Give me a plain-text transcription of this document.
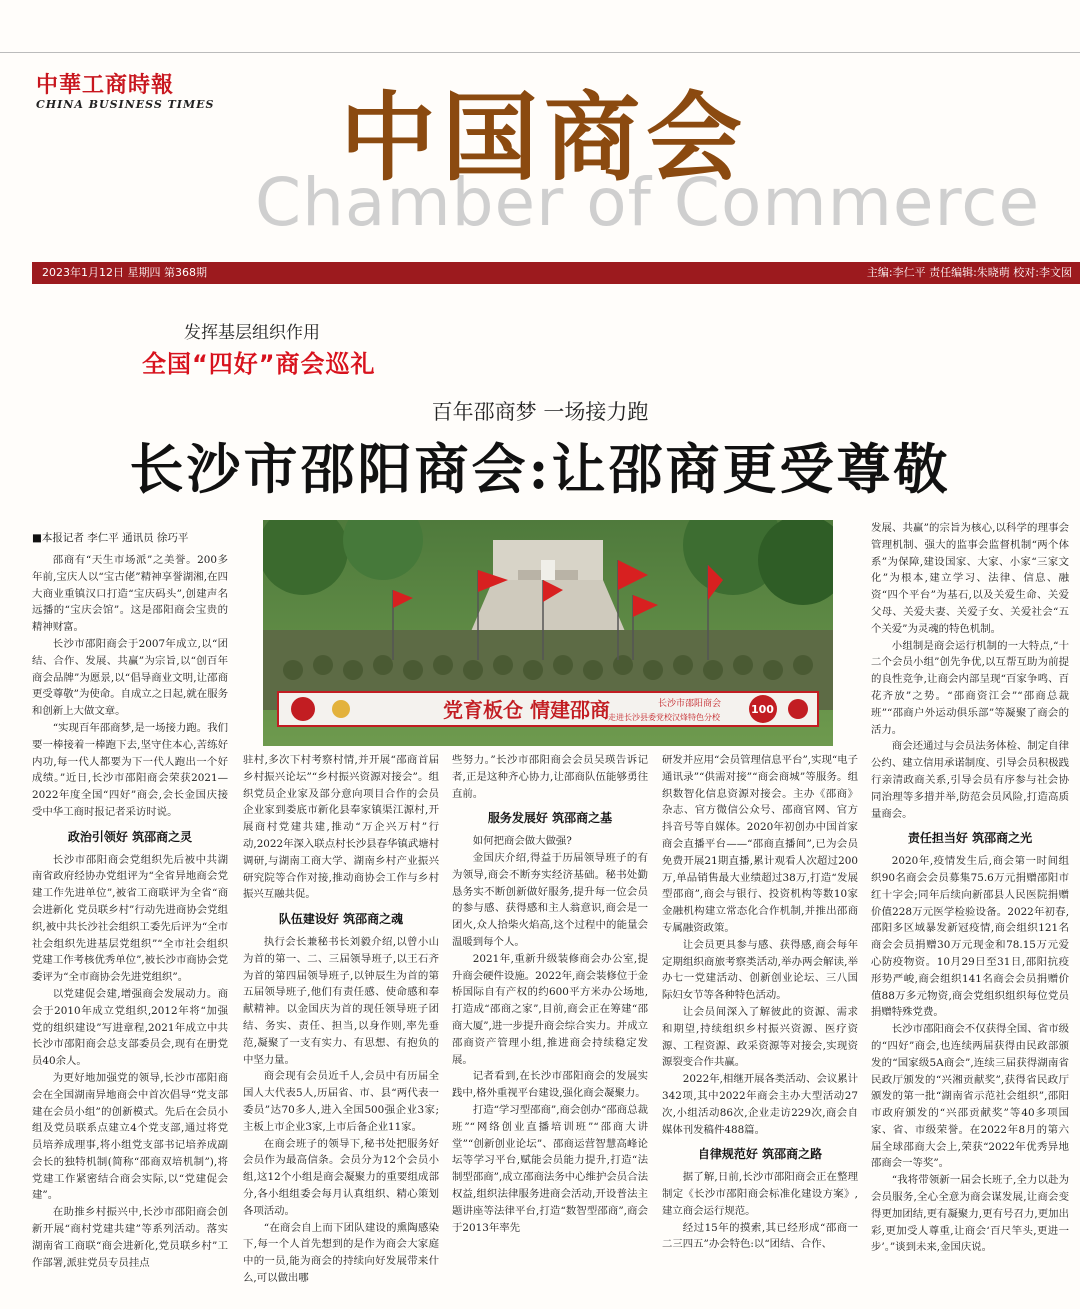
中華工商時報
CHINA BUSINESS TIMES
Chamber of Commerce
中国商会
2023年1月12日 星期四 第368期	主编:李仁平 责任编辑:朱晓萌 校对:李文囡
发挥基层组织作用
全国“四好”商会巡礼
百年邵商梦 一场接力跑
长沙市邵阳商会:让邵商更受尊敬
■本报记者 李仁平 通讯员 徐巧平
党育板仓 情建邵商	长沙市邵阳商会
走进长沙县委党校汉烽特色分校
100

邵商有“天生市场派”之美誉。200多年前,宝庆人以“宝古佬”精神享誉湖湘,在四大商业重镇汉口打造“宝庆码头”,创建声名远播的“宝庆会馆”。这是邵阳商会宝贵的精神财富。

长沙市邵阳商会于2007年成立,以“团结、合作、发展、共赢”为宗旨,以“创百年商会品牌”为愿景,以“倡导商业文明,让邵商更受尊敬”为使命。自成立之日起,就在服务和创新上大做文章。

“实现百年邵商梦,是一场接力跑。我们要一棒接着一棒跑下去,坚守住本心,苦练好内功,每一代人都要为下一代人跑出一个好成绩。”近日,长沙市邵阳商会荣获2021—2022年度全国“四好”商会,会长金国庆接受中华工商时报记者采访时说。

政治引领好 筑邵商之灵

长沙市邵阳商会党组织先后被中共湖南省政府经协办党组评为“全省异地商会党建工作先进单位”,被省工商联评为全省“商会进新化 党员联乡村”行动先进商协会党组织,被中共长沙社会组织工委先后评为“全市社会组织先进基层党组织”“全市社会组织党建工作考核优秀单位”,被长沙市商协会党委评为“全市商协会先进党组织”。

以党建促会建,增强商会发展动力。商会于2010年成立党组织,2012年将“加强党的组织建设”写进章程,2021年成立中共长沙市邵阳商会总支部委员会,现有在册党员40余人。

为更好地加强党的领导,长沙市邵阳商会在全国湖南异地商会中首次倡导“党支部建在会员小组”的创新模式。先后在会员小组及党员联系点建立4个党支部,通过将党员培养成理事,将小组党支部书记培养成副会长的独特机制(简称“邵商双培机制”),将党建工作紧密结合商会实际,以“党建促会建”。

在助推乡村振兴中,长沙市邵阳商会创新开展“商村党建共建”等系列活动。落实湖南省工商联“商会进新化,党员联乡村”工作部署,派驻党员专员挂点

驻村,多次下村考察村情,并开展“邵商首届乡村振兴论坛”“乡村振兴资源对接会”。组织党员企业家及部分意向项目合作的会员企业家到娄底市新化县奉家镇渠江源村,开展商村党建共建,推动“万企兴万村”行动,2022年深入联点村长沙县春华镇武塘村调研,与湖南工商大学、湖南乡村产业振兴研究院等合作对接,推动商协会工作与乡村振兴互融共促。

队伍建设好 筑邵商之魂

执行会长兼秘书长刘毅介绍,以曾小山为首的第一、二、三届领导班子,以王石齐为首的第四届领导班子,以钟辰生为首的第五届领导班子,他们有责任感、使命感和奉献精神。以金国庆为首的现任领导班子团结、务实、责任、担当,以身作则,率先垂范,凝聚了一支有实力、有思想、有抱负的中坚力量。

商会现有会员近千人,会员中有历届全国人大代表5人,历届省、市、县“两代表一委员”达70多人,进入全国500强企业3家;主板上市企业3家,上市后备企业11家。

在商会班子的领导下,秘书处把服务好会员作为最高信条。会员分为12个会员小组,这12个小组是商会凝聚力的重要组成部分,各小组组委会每月认真组织、精心策划各项活动。

“在商会自上而下团队建设的熏陶感染下,每一个人首先想到的是作为商会大家庭中的一员,能为商会的持续向好发展带来什么,可以做出哪

些努力。”长沙市邵阳商会会员吴瑛告诉记者,正是这种齐心协力,让邵商队伍能够勇往直前。

服务发展好 筑邵商之基

如何把商会做大做强?

金国庆介绍,得益于历届领导班子的有为领导,商会不断夯实经济基础。秘书处勤恳务实不断创新做好服务,提升每一位会员的参与感、获得感和主人翁意识,商会是一团火,众人拾柴火焰高,这个过程中的能量会温暖到每个人。

2021年,重新升级装修商会办公室,提升商会硬件设施。2022年,商会装修位于金桥国际自有产权的约600平方米办公场地,打造成“邵商之家”,目前,商会正在筹建“邵商大厦”,进一步提升商会综合实力。并成立邵商资产管理小组,推进商会持续稳定发展。

记者看到,在长沙市邵阳商会的发展实践中,格外重视平台建设,强化商会凝聚力。

打造“学习型邵商”,商会创办“邵商总裁班”“网络创业直播培训班”“邵商大讲堂”“创新创业论坛”、邵商运营智慧高峰论坛等学习平台,赋能会员能力提升,打造“法制型邵商”,成立邵商法务中心维护会员合法权益,组织法律服务进商会活动,开设普法主题讲座等法律平台,打造“数智型邵商”,商会于2013年率先

研发并应用“会员管理信息平台”,实现“电子通讯录”“供需对接”“商会商城”等服务。组织数智化信息资源对接会。主办《邵商》杂志、官方微信公众号、邵商官网、官方抖音号等自媒体。2020年初创办中国首家商会直播平台——“邵商直播间”,已为会员免费开展21期直播,累计观看人次超过200万,单品销售最大业绩超过38万,打造“发展型邵商”,商会与银行、投资机构等数10家金融机构建立常态化合作机制,并推出邵商专属融资政策。

让会员更具参与感、获得感,商会每年定期组织商旅考察类活动,举办两会解读,举办七一党建活动、创新创业论坛、三八国际妇女节等各种特色活动。

让会员间深入了解彼此的资源、需求和期望,持续组织乡村振兴资源、医疗资源、工程资源、政采资源等对接会,实现资源裂变合作共赢。

2022年,相继开展各类活动、会议累计342项,其中2022年商会主办大型活动27次,小组活动86次,企业走访229次,商会自媒体刊发稿件488篇。

自律规范好 筑邵商之路

据了解,日前,长沙市邵阳商会正在整理制定《长沙市邵阳商会标准化建设方案》,建立商会运行规范。

经过15年的摸索,其已经形成“邵商一二三四五”办会特色:以“团结、合作、

发展、共赢”的宗旨为核心,以科学的理事会管理机制、强大的监事会监督机制“两个体系”为保障,建设国家、大家、小家“三家文化”为根本,建立学习、法律、信息、融资“四个平台”为基石,以及关爱生命、关爱父母、关爱夫妻、关爱子女、关爱社会“五个关爱”为灵魂的特色机制。

小组制是商会运行机制的一大特点,“十二个会员小组”创先争优,以互帮互助为前提的良性竞争,让商会内部呈现“百家争鸣、百花齐放”之势。“邵商资江会”“邵商总裁班”“邵商户外运动俱乐部”等凝聚了商会的活力。

商会还通过与会员法务体检、制定自律公约、建立信用承诺制度、引导会员积极践行亲清政商关系,引导会员有序参与社会协同治理等多措并举,防范会员风险,打造高质量商会。

责任担当好 筑邵商之光

2020年,疫情发生后,商会第一时间组织90名商会会员募集75.6万元捐赠邵阳市红十字会;同年后续向新邵县人民医院捐赠价值228万元医学检验设备。2022年初春,邵阳多区域暴发新冠疫情,商会组织121名商会会员捐赠30万元现金和78.15万元爱心防疫物资。10月29日至31日,邵阳抗疫形势严峻,商会组织141名商会会员捐赠价值88万多元物资,商会党组织组织每位党员捐赠特殊党费。

长沙市邵阳商会不仅获得全国、省市级的“四好”商会,也连续两届获得由民政部颁发的“国家级5A商会”,连续三届获得湖南省民政厅颁发的“兴湘贡献奖”,获得省民政厅颁发的第一批“湖南省示范社会组织”,邵阳市政府颁发的“兴邵贡献奖”等40多项国家、省、市级荣誉。在2022年8月的第六届全球邵商大会上,荣获“2022年优秀异地邵商会一等奖”。

“我将带领新一届会长班子,全力以赴为会员服务,全心全意为商会谋发展,让商会变得更加团结,更有凝聚力,更有号召力,更加出彩,更加受人尊重,让商会‘百尺竿头,更进一步’。”谈到未来,金国庆说。
